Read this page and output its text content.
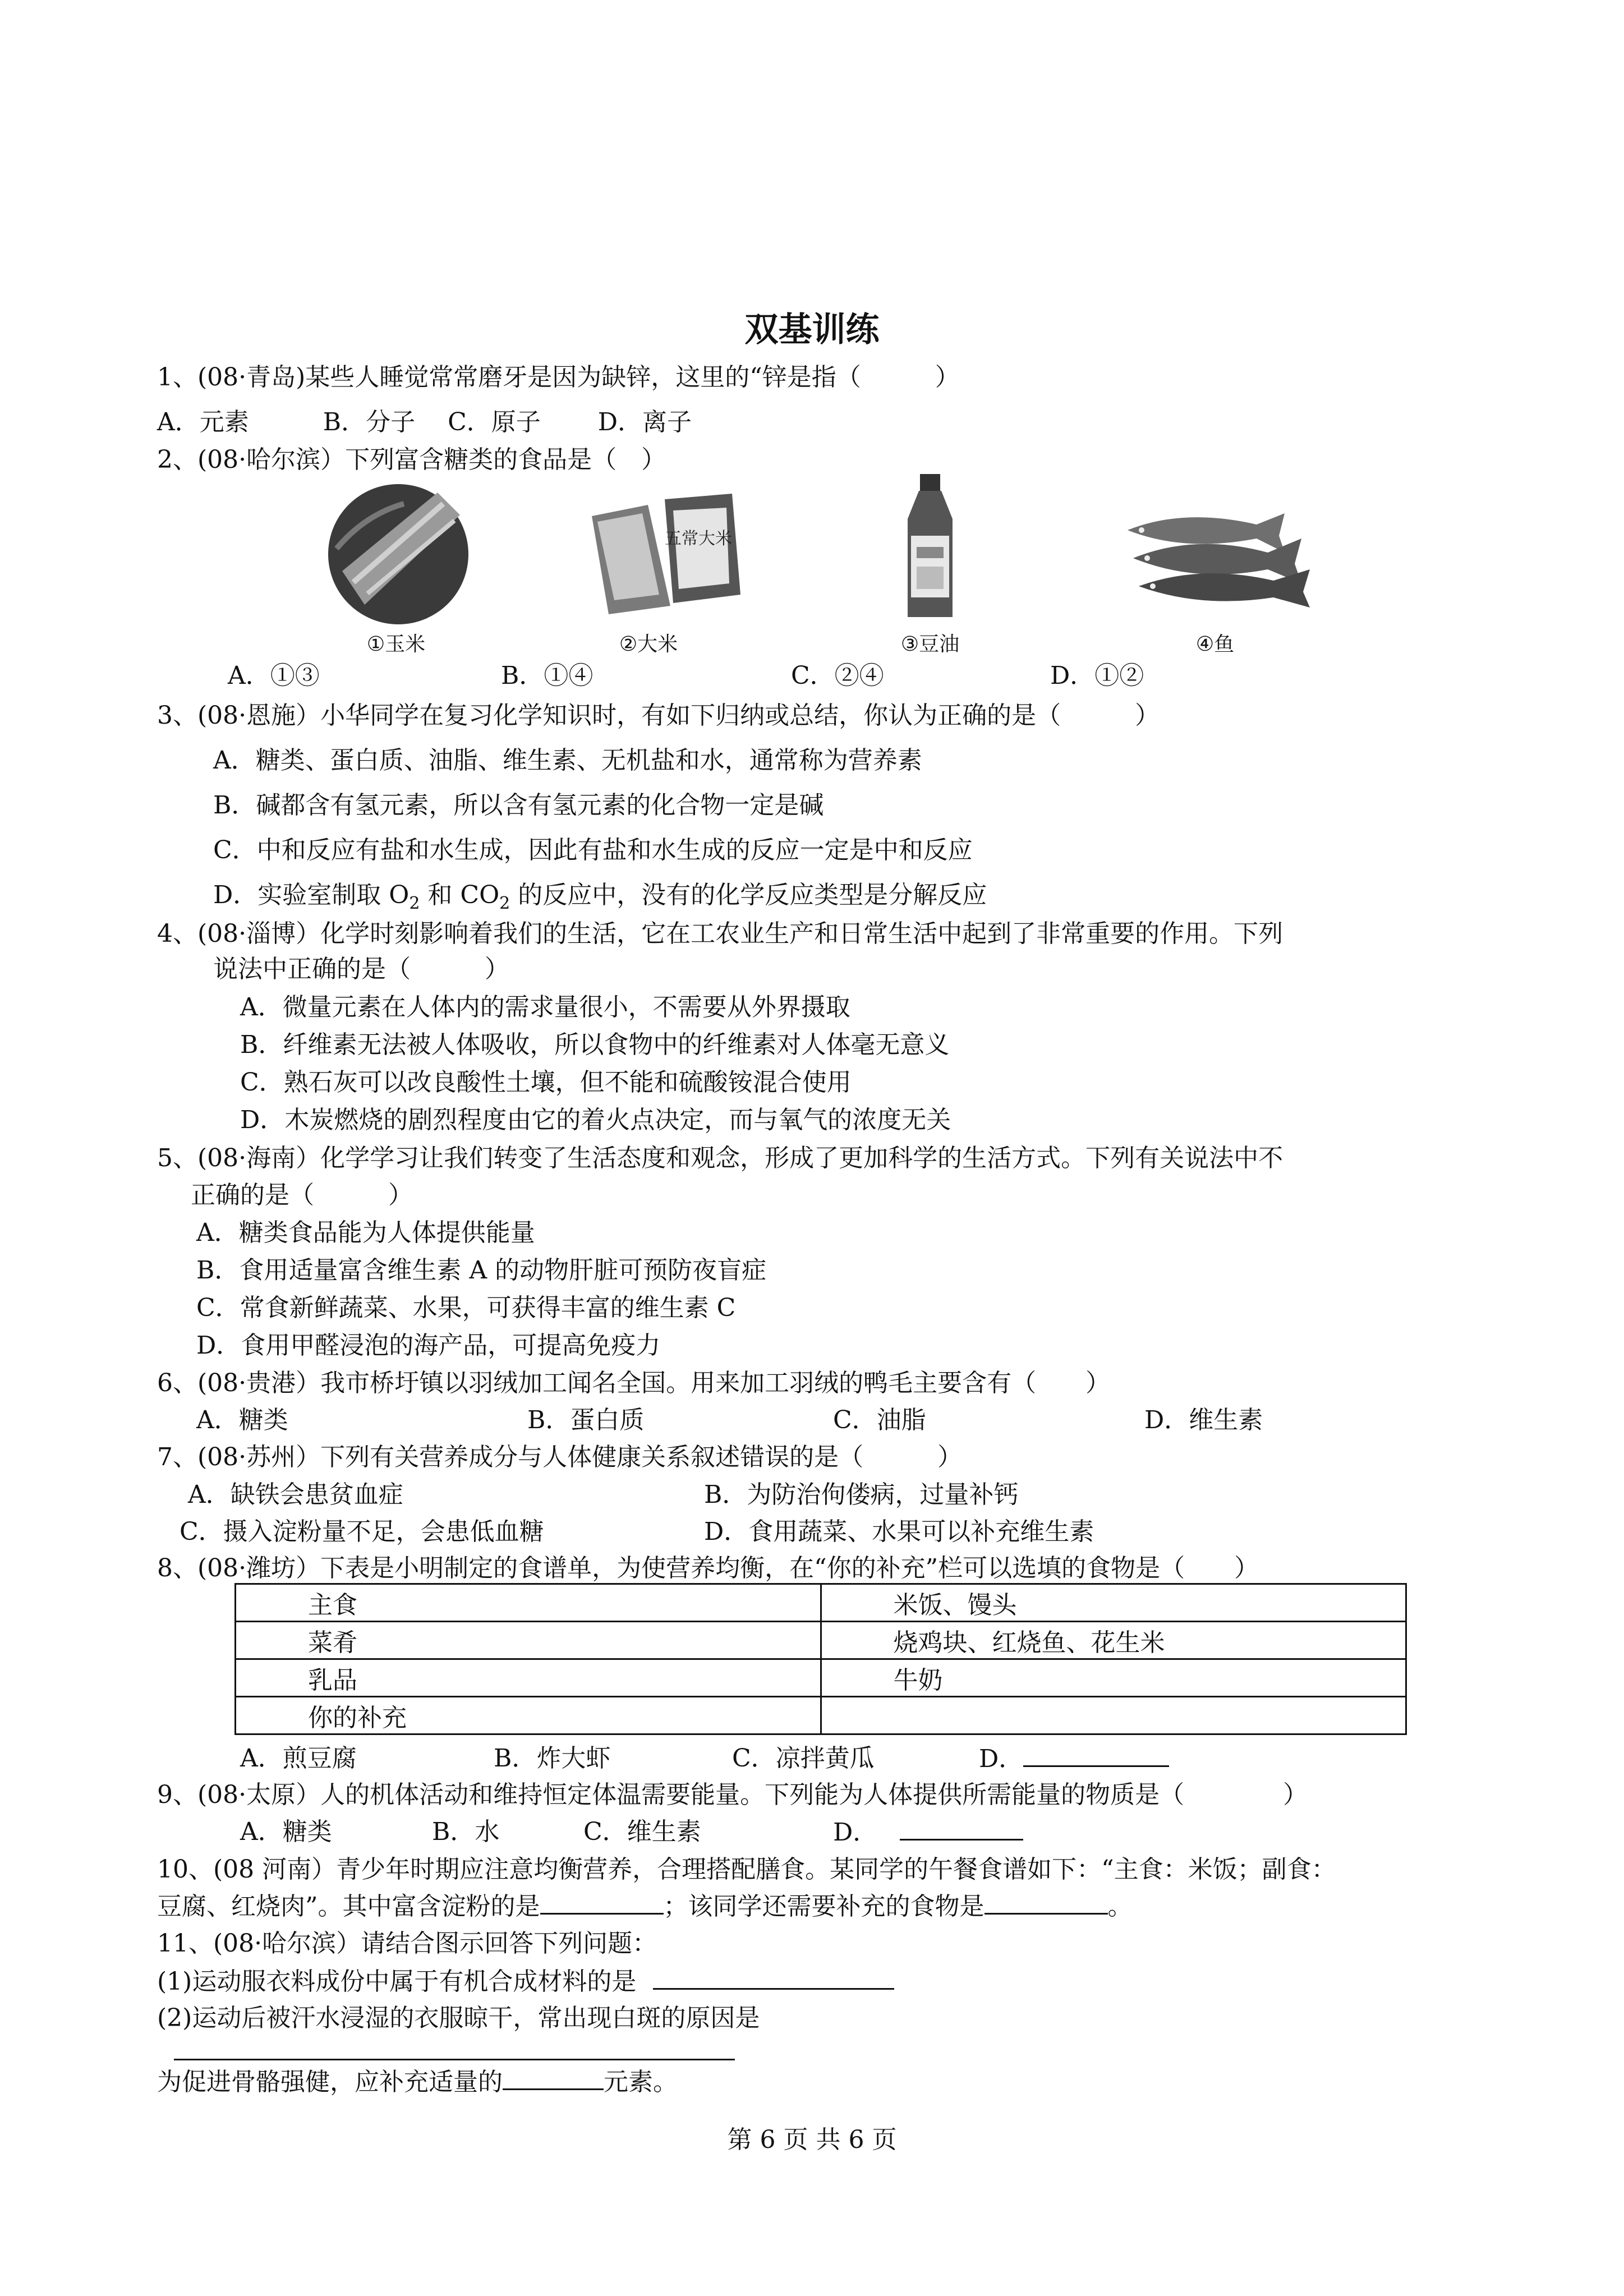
双基训练
1、(08·青岛)某些人睡觉常常磨牙是因为缺锌，这里的“锌是指（　　　）
A．元素　　　B．分子　 C．原子　　 D．离子
2、(08·哈尔滨）下列富含糖类的食品是（　）
①玉米
五常大米
②大米	③豆油	④鱼
A．①③	B．①④	C．②④	D．①②
3、(08·恩施）小华同学在复习化学知识时，有如下归纳或总结，你认为正确的是（　　　）
A．糖类、蛋白质、油脂、维生素、无机盐和水，通常称为营养素
B．碱都含有氢元素，所以含有氢元素的化合物一定是碱
C．中和反应有盐和水生成，因此有盐和水生成的反应一定是中和反应
D．实验室制取 $O_2$ 和 $CO_2$ 的反应中，没有的化学反应类型是分解反应
4、(08·淄博）化学时刻影响着我们的生活，它在工农业生产和日常生活中起到了非常重要的作用。下列
说法中正确的是（　　　）
A．微量元素在人体内的需求量很小，不需要从外界摄取
B．纤维素无法被人体吸收，所以食物中的纤维素对人体毫无意义
C．熟石灰可以改良酸性土壤，但不能和硫酸铵混合使用
D．木炭燃烧的剧烈程度由它的着火点决定，而与氧气的浓度无关
5、(08·海南）化学学习让我们转变了生活态度和观念，形成了更加科学的生活方式。下列有关说法中不
正确的是（　　　）
A．糖类食品能为人体提供能量
B．食用适量富含维生素 A 的动物肝脏可预防夜盲症
C．常食新鲜蔬菜、水果，可获得丰富的维生素 C
D．食用甲醛浸泡的海产品，可提高免疫力
6、(08·贵港）我市桥圩镇以羽绒加工闻名全国。用来加工羽绒的鸭毛主要含有（　　）
A．糖类	B．蛋白质	C．油脂	D．维生素
7、(08·苏州）下列有关营养成分与人体健康关系叙述错误的是（　　　）
A．缺铁会患贫血症	B．为防治佝偻病，过量补钙
C．摄入淀粉量不足，会患低血糖	D．食用蔬菜、水果可以补充维生素
8、(08·潍坊）下表是小明制定的食谱单，为使营养均衡，在“你的补充”栏可以选填的食物是（　　）
主食	米饭、馒头
菜肴	烧鸡块、红烧鱼、花生米
乳品	牛奶
你的补充	
A．煎豆腐	B．炸大虾	C．凉拌黄瓜	D．
9、(08·太原）人的机体活动和维持恒定体温需要能量。下列能为人体提供所需能量的物质是（　　　　）
A．糖类	B．水	C．维生素	D．
10、(08 河南）青少年时期应注意均衡营养，合理搭配膳食。某同学的午餐食谱如下：“主食：米饭；副食：
豆腐、红烧肉”。其中富含淀粉的是	；该同学还需要补充的食物是	。
11、(08·哈尔滨）请结合图示回答下列问题：
(1)运动服衣料成份中属于有机合成材料的是
(2)运动后被汗水浸湿的衣服晾干，常出现白斑的原因是
为促进骨骼强健，应补充适量的	元素。
第 6 页 共 6 页
